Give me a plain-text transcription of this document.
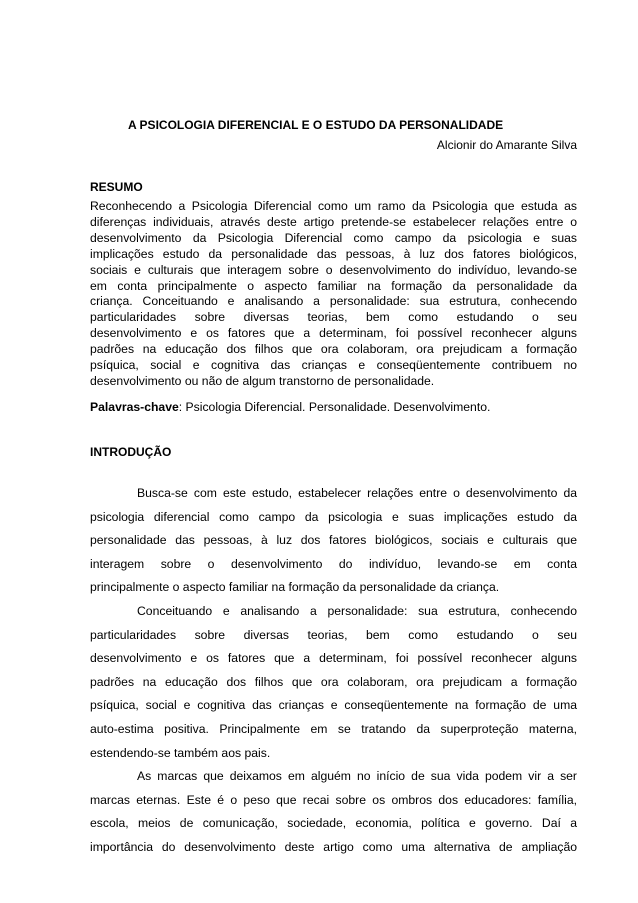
A PSICOLOGIA DIFERENCIAL E O ESTUDO DA PERSONALIDADE
Alcionir do Amarante Silva
RESUMO
Reconhecendo a Psicologia Diferencial como um ramo da Psicologia que estuda as
diferenças individuais, através deste artigo pretende-se estabelecer relações entre o
desenvolvimento da Psicologia Diferencial como campo da psicologia e suas
implicações estudo da personalidade das pessoas, à luz dos fatores biológicos,
sociais e culturais que interagem sobre o desenvolvimento do indivíduo, levando-se
em conta principalmente o aspecto familiar na formação da personalidade da
criança. Conceituando e analisando a personalidade: sua estrutura, conhecendo
particularidades sobre diversas teorias, bem como estudando o seu
desenvolvimento e os fatores que a determinam, foi possível reconhecer alguns
padrões na educação dos filhos que ora colaboram, ora prejudicam a formação
psíquica, social e cognitiva das crianças e conseqüentemente contribuem no
desenvolvimento ou não de algum transtorno de personalidade.
Palavras-chave: Psicologia Diferencial. Personalidade. Desenvolvimento.
INTRODUÇÃO
Busca-se com este estudo, estabelecer relações entre o desenvolvimento da
psicologia diferencial como campo da psicologia e suas implicações estudo da
personalidade das pessoas, à luz dos fatores biológicos, sociais e culturais que
interagem sobre o desenvolvimento do indivíduo, levando-se em conta
principalmente o aspecto familiar na formação da personalidade da criança.
Conceituando e analisando a personalidade: sua estrutura, conhecendo
particularidades sobre diversas teorias, bem como estudando o seu
desenvolvimento e os fatores que a determinam, foi possível reconhecer alguns
padrões na educação dos filhos que ora colaboram, ora prejudicam a formação
psíquica, social e cognitiva das crianças e conseqüentemente na formação de uma
auto-estima positiva. Principalmente em se tratando da superproteção materna,
estendendo-se também aos pais.
As marcas que deixamos em alguém no início de sua vida podem vir a ser
marcas eternas. Este é o peso que recai sobre os ombros dos educadores: família,
escola, meios de comunicação, sociedade, economia, política e governo. Daí a
importância do desenvolvimento deste artigo como uma alternativa de ampliação
